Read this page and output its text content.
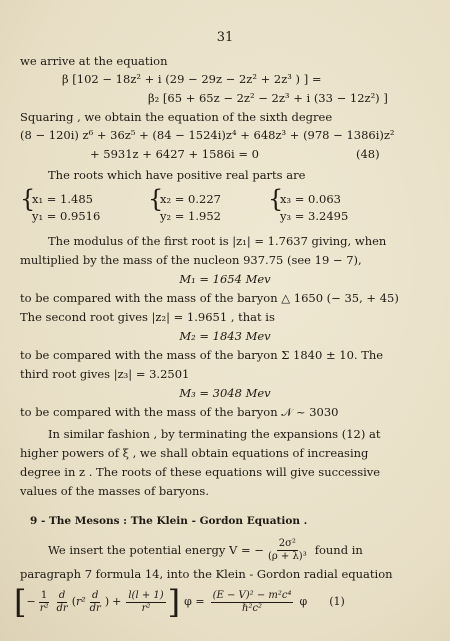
31
we arrive at the equation
β [102 − 18z² + i (29 − 29z − 2z² + 2z³ ) ] =
β₂ [65 + 65z − 2z² − 2z³ + i (33 − 12z²) ]
Squaring , we obtain the equation of the sixth degree
(8 − 120i) z⁶ + 36z⁵ + (84 − 1524i)z⁴ + 648z³ + (978 − 1386i)z²
+ 5931z + 6427 + 1586i = 0	(48)
The roots which have positive real parts are
{
x₁ = 1.485
y₁ = 0.9516
{
x₂ = 0.227
y₂ = 1.952
{
x₃ = 0.063
y₃ = 3.2495
The modulus of the first root is |z₁| = 1.7637 giving, when
multiplied by the mass of the nucleon 937.75 (see 19 − 7),
M₁ = 1654 Mev
to be compared with the mass of the baryon △ 1650 (− 35, + 45)
The second root gives |z₂| = 1.9651 , that is
M₂ = 1843 Mev
to be compared with the mass of the baryon Σ 1840 ± 10. The
third root gives |z₃| = 3.2501
M₃ = 3048 Mev
to be compared with the mass of the baryon 𝒩 ~ 3030
In similar fashion , by terminating the expansions (12) at
higher powers of ξ , we shall obtain equations of increasing
degree in z . The roots of these equations will give successive
values of the masses of baryons.
9 - The Mesons : The Klein - Gordon Equation .
We insert the potential energy V = − $\frac{\text{2σ²}}{\text{(ρ + λ)³}}$ found in
paragraph 7 formula 14, into the Klein - Gordon radial equation
[ − $\frac{1}{\text{r²}} \frac{d}{dr}$ ( $r^2 \frac{d}{dr}$ ) + $\frac{l(l + 1)}{\text{r²}}$ ] $\varphi = \frac{\text{(E − V)² − m²c⁴}}{\text{ℏ²c²}}$ φ (1)
